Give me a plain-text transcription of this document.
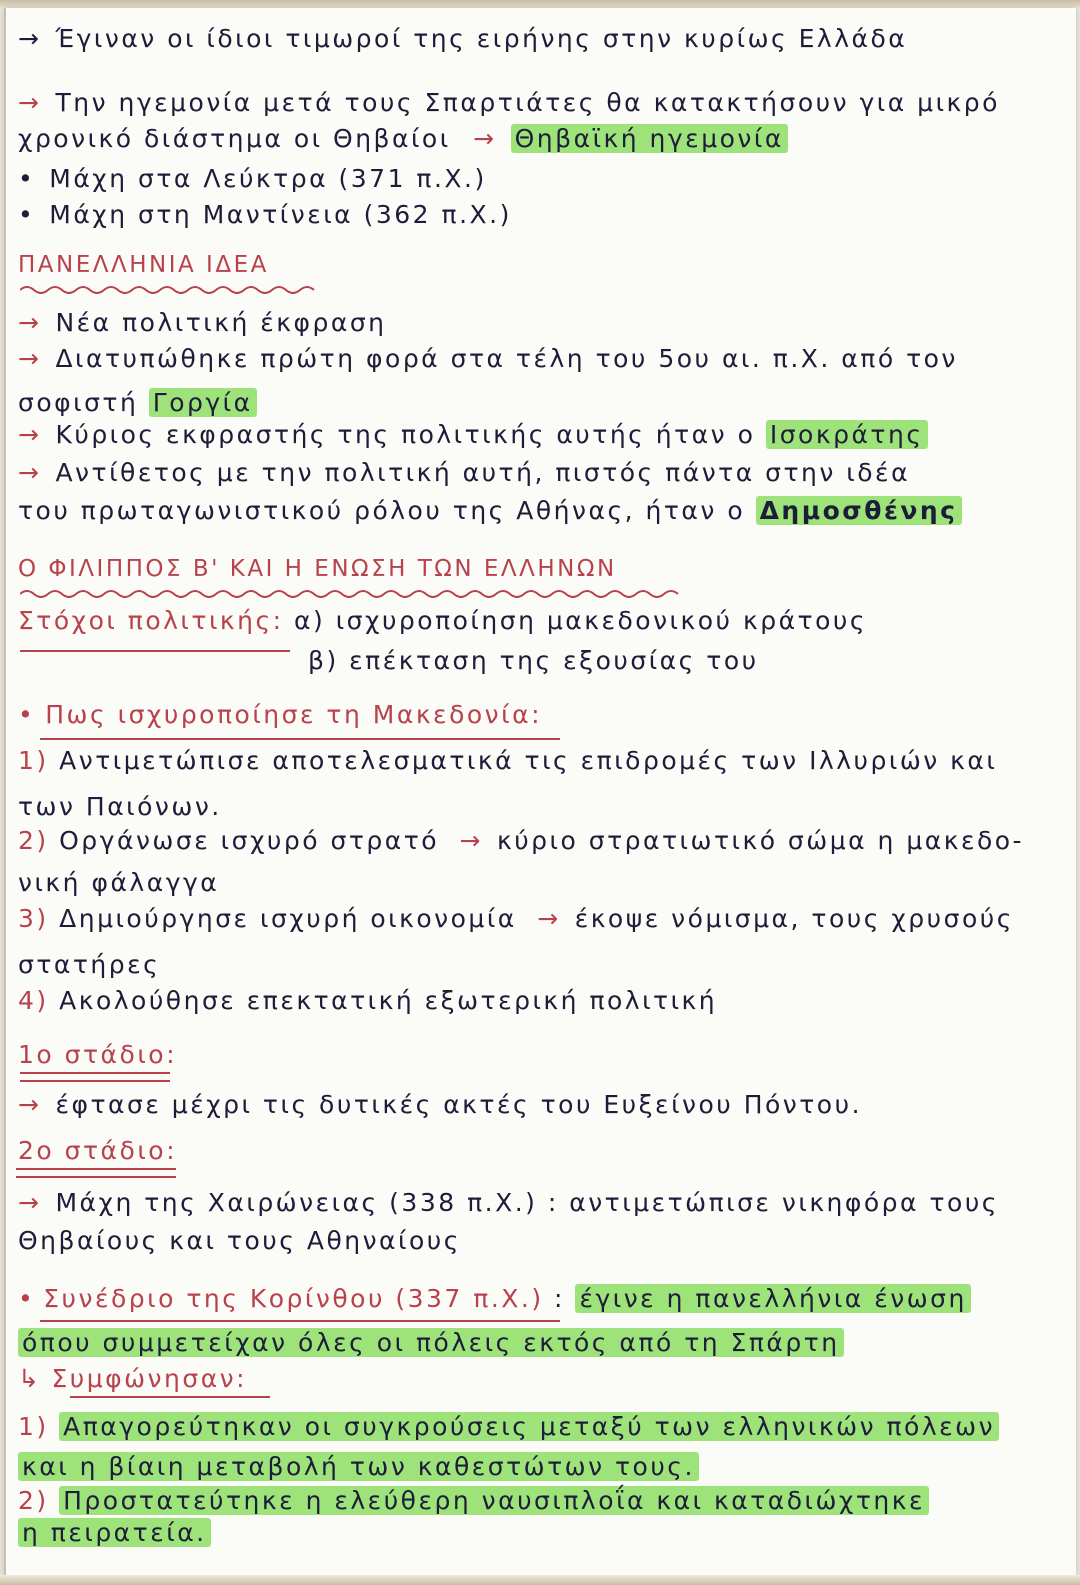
→ Έγιναν οι ίδιοι τιμωροί της ειρήνης στην κυρίως Ελλάδα
→ Την ηγεμονία μετά τους Σπαρτιάτες θα κατακτήσουν για μικρό
χρονικό διάστημα οι Θηβαίοι → Θηβαϊκή ηγεμονία
• Μάχη στα Λεύκτρα (371 π.Χ.)
• Μάχη στη Μαντίνεια (362 π.Χ.)
ΠΑΝΕΛΛΗΝΙΑ ΙΔΕΑ
→ Νέα πολιτική έκφραση
→ Διατυπώθηκε πρώτη φορά στα τέλη του 5ου αι. π.Χ. από τον
σοφιστή Γοργία
→ Κύριος εκφραστής της πολιτικής αυτής ήταν ο Ισοκράτης
→ Αντίθετος με την πολιτική αυτή, πιστός πάντα στην ιδέα
του πρωταγωνιστικού ρόλου της Αθήνας, ήταν ο Δημοσθένης
Ο ΦΙΛΙΠΠΟΣ Β' ΚΑΙ Η ΕΝΩΣΗ ΤΩΝ ΕΛΛΗΝΩΝ
Στόχοι πολιτικής: α) ισχυροποίηση μακεδονικού κράτους
β) επέκταση της εξουσίας του
• Πως ισχυροποίησε τη Μακεδονία:
1) Αντιμετώπισε αποτελεσματικά τις επιδρομές των Ιλλυριών και
των Παιόνων.
2) Οργάνωσε ισχυρό στρατό → κύριο στρατιωτικό σώμα η μακεδο-
νική φάλαγγα
3) Δημιούργησε ισχυρή οικονομία → έκοψε νόμισμα, τους χρυσούς
στατήρες
4) Ακολούθησε επεκτατική εξωτερική πολιτική
1ο στάδιο:
→ έφτασε μέχρι τις δυτικές ακτές του Ευξείνου Πόντου.
2ο στάδιο:
→ Μάχη της Χαιρώνειας (338 π.Χ.) : αντιμετώπισε νικηφόρα τους
Θηβαίους και τους Αθηναίους
• Συνέδριο της Κορίνθου (337 π.Χ.) : έγινε η πανελλήνια ένωση
όπου συμμετείχαν όλες οι πόλεις εκτός από τη Σπάρτη
↳ Συμφώνησαν:
1) Απαγορεύτηκαν οι συγκρούσεις μεταξύ των ελληνικών πόλεων
και η βίαιη μεταβολή των καθεστώτων τους.
2) Προστατεύτηκε η ελεύθερη ναυσιπλοΐα και καταδιώχτηκε
η πειρατεία.
